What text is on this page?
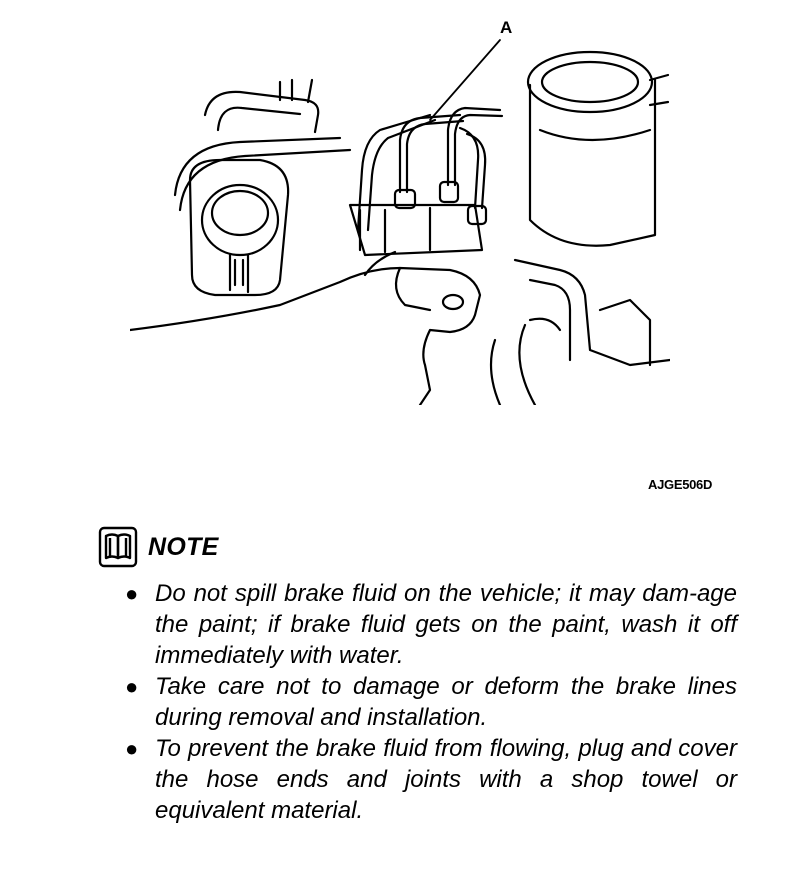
A
AJGE506D
NOTE
● Do not spill brake fluid on the vehicle; it may dam-age the paint; if brake fluid gets on the paint, wash it off immediately with water.
● Take care not to damage or deform the brake lines during removal and installation.
● To prevent the brake fluid from flowing, plug and cover the hose ends and joints with a shop towel or equivalent material.
